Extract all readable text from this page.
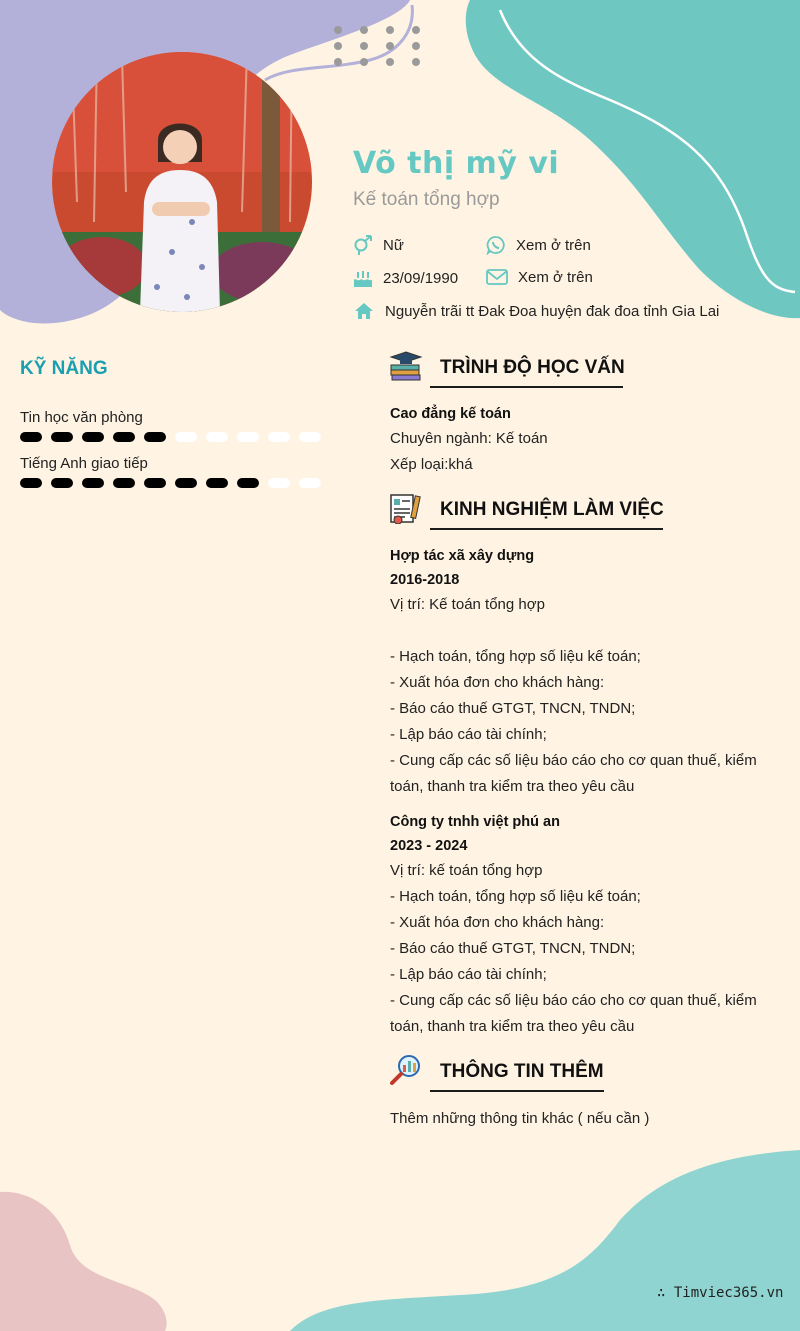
Võ thị mỹ vi
Kế toán tổng hợp
Nữ	Xem ở trên
23/09/1990	Xem ở trên
Nguyễn trãi tt Đak Đoa huyện đak đoa tỉnh Gia Lai
KỸ NĂNG
Tin học văn phòng
Tiếng Anh giao tiếp
TRÌNH ĐỘ HỌC VẤN
Cao đẳng kế toán
Chuyên ngành: Kế toán
Xếp loại:khá
KINH NGHIỆM LÀM VIỆC
Hợp tác xã xây dựng
2016-2018
Vị trí: Kế toán tổng hợp
- Hạch toán, tổng hợp số liệu kế toán;
- Xuất hóa đơn cho khách hàng:
- Báo cáo thuế GTGT, TNCN, TNDN;
- Lập báo cáo tài chính;
- Cung cấp các số liệu báo cáo cho cơ quan thuế, kiểm
toán, thanh tra kiểm tra theo yêu cầu
Công ty tnhh việt phú an
2023 - 2024
Vị trí: kế toán tổng hợp
- Hạch toán, tổng hợp số liệu kế toán;
- Xuất hóa đơn cho khách hàng:
- Báo cáo thuế GTGT, TNCN, TNDN;
- Lập báo cáo tài chính;
- Cung cấp các số liệu báo cáo cho cơ quan thuế, kiểm
toán, thanh tra kiểm tra theo yêu cầu
THÔNG TIN THÊM
Thêm những thông tin khác ( nếu cần )
∴ Timviec365.vn
